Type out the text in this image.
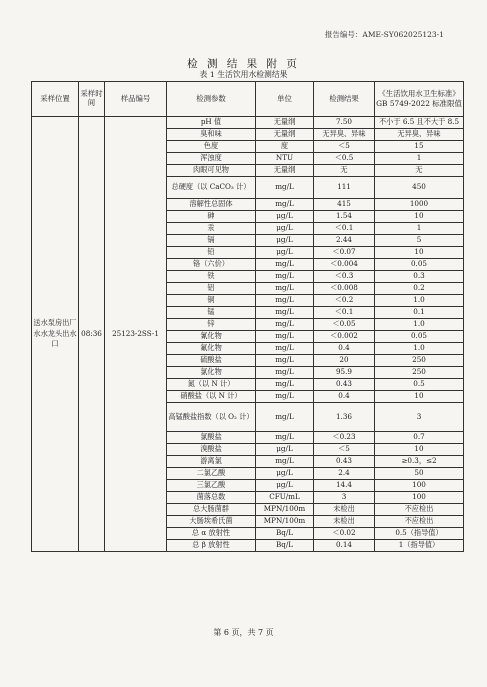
报告编号：AME-SY062025123-1
检 测 结 果 附 页
表 1 生活饮用水检测结果
采样位置	采样时间	样品编号	检测参数	单位	检测结果	《生活饮用水卫生标准》GB 5749-2022 标准限值
送水泵房出厂水水龙头出水口	08:36	25123-2SS-1	pH 值	无量纲	7.50	不小于 6.5 且不大于 8.5
			臭和味	无量纲	无异臭、异味	无异臭、异味
			色度	度	＜5	15
			浑浊度	NTU	＜0.5	1
			肉眼可见物	无量纲	无	无
			总硬度（以 CaCO₃ 计）	mg/L	111	450
			溶解性总固体	mg/L	415	1000
			砷	μg/L	1.54	10
			汞	μg/L	＜0.1	1
			镉	μg/L	2.44	5
			铅	μg/L	＜0.07	10
			铬（六价）	mg/L	＜0.004	0.05
			铁	mg/L	＜0.3	0.3
			铝	mg/L	＜0.008	0.2
			铜	mg/L	＜0.2	1.0
			锰	mg/L	＜0.1	0.1
			锌	mg/L	＜0.05	1.0
			氰化物	mg/L	＜0.002	0.05
			氟化物	mg/L	0.4	1.0
			硫酸盐	mg/L	20	250
			氯化物	mg/L	95.9	250
			氮（以 N 计）	mg/L	0.43	0.5
			硝酸盐（以 N 计）	mg/L	0.4	10
			高锰酸盐指数（以 O₂ 计）	mg/L	1.36	3
			氯酸盐	mg/L	＜0.23	0.7
			溴酸盐	μg/L	＜5	10
			游离氯	mg/L	0.43	≥0.3，≤2
			二氯乙酸	μg/L	2.4	50
			三氯乙酸	μg/L	14.4	100
			菌落总数	CFU/mL	3	100
			总大肠菌群	MPN/100m	未检出	不应检出
			大肠埃希氏菌	MPN/100m	未检出	不应检出
			总 α 放射性	Bq/L	＜0.02	0.5（指导值）
			总 β 放射性	Bq/L	0.14	1（指导值）
第 6 页，共 7 页
